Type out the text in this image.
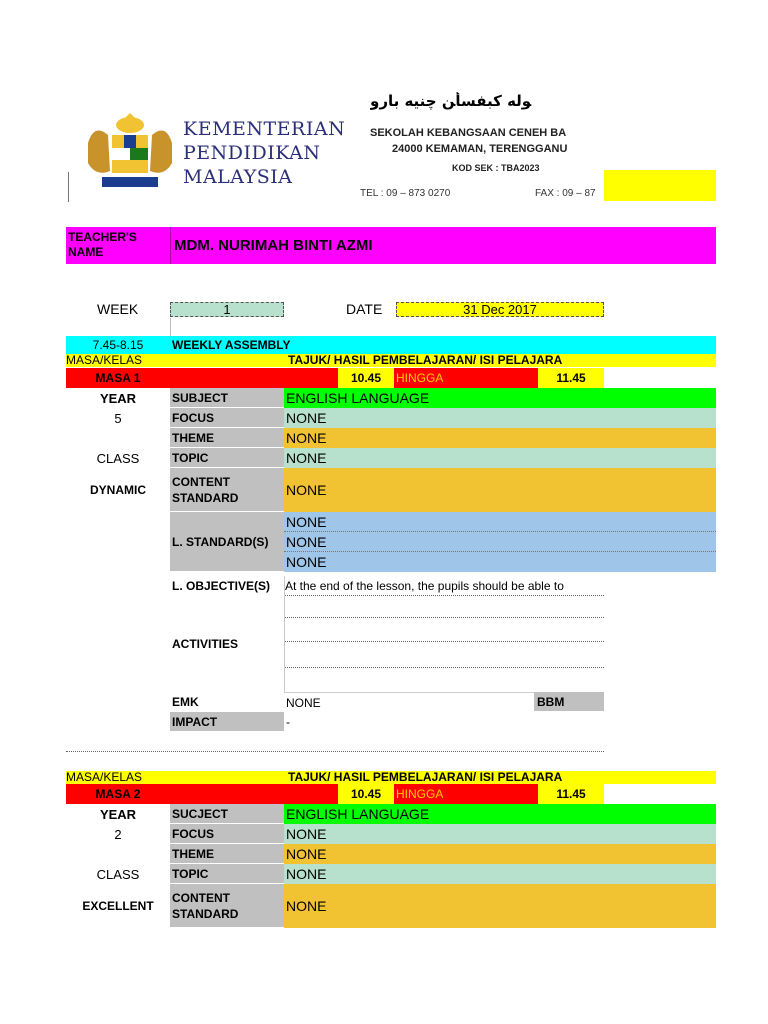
KEMENTERIAN
PENDIDIKAN
MALAYSIA
ﻮﻟﻪ ﻛﺒﻔﺴﺄﻦ ﭼﻨﻴﻪ ﺑﺎﺭﻭ
SEKOLAH KEBANGSAAN CENEH BA
24000 KEMAMAN, TERENGGANU
KOD SEK : TBA2023
TEL : 09 – 873 0270	FAX : 09 – 87
TEACHER'S NAME	MDM. NURIMAH BINTI AZMI
WEEK	1	DATE	31 Dec 2017
7.45-8.15	WEEKLY ASSEMBLY
MASA/KELAS	TAJUK/ HASIL PEMBELAJARAN/ ISI PELAJARA
MASA 1	10.45	HINGGA	11.45
YEAR
5
CLASS
DYNAMIC
SUBJECT	ENGLISH LANGUAGE
FOCUS	NONE
THEME	NONE
TOPIC	NONE
CONTENT
STANDARD	NONE
L. STANDARD(S)
NONE
NONE
NONE
L. OBJECTIVE(S)	At the end of the lesson, the pupils should be able to
ACTIVITIES
EMK	NONE	BBM
IMPACT	-
MASA/KELAS	TAJUK/ HASIL PEMBELAJARAN/ ISI PELAJARA
MASA 2	10.45	HINGGA	11.45
YEAR
2
CLASS
EXCELLENT
SUCJECT	ENGLISH LANGUAGE
FOCUS	NONE
THEME	NONE
TOPIC	NONE
CONTENT
STANDARD	NONE
